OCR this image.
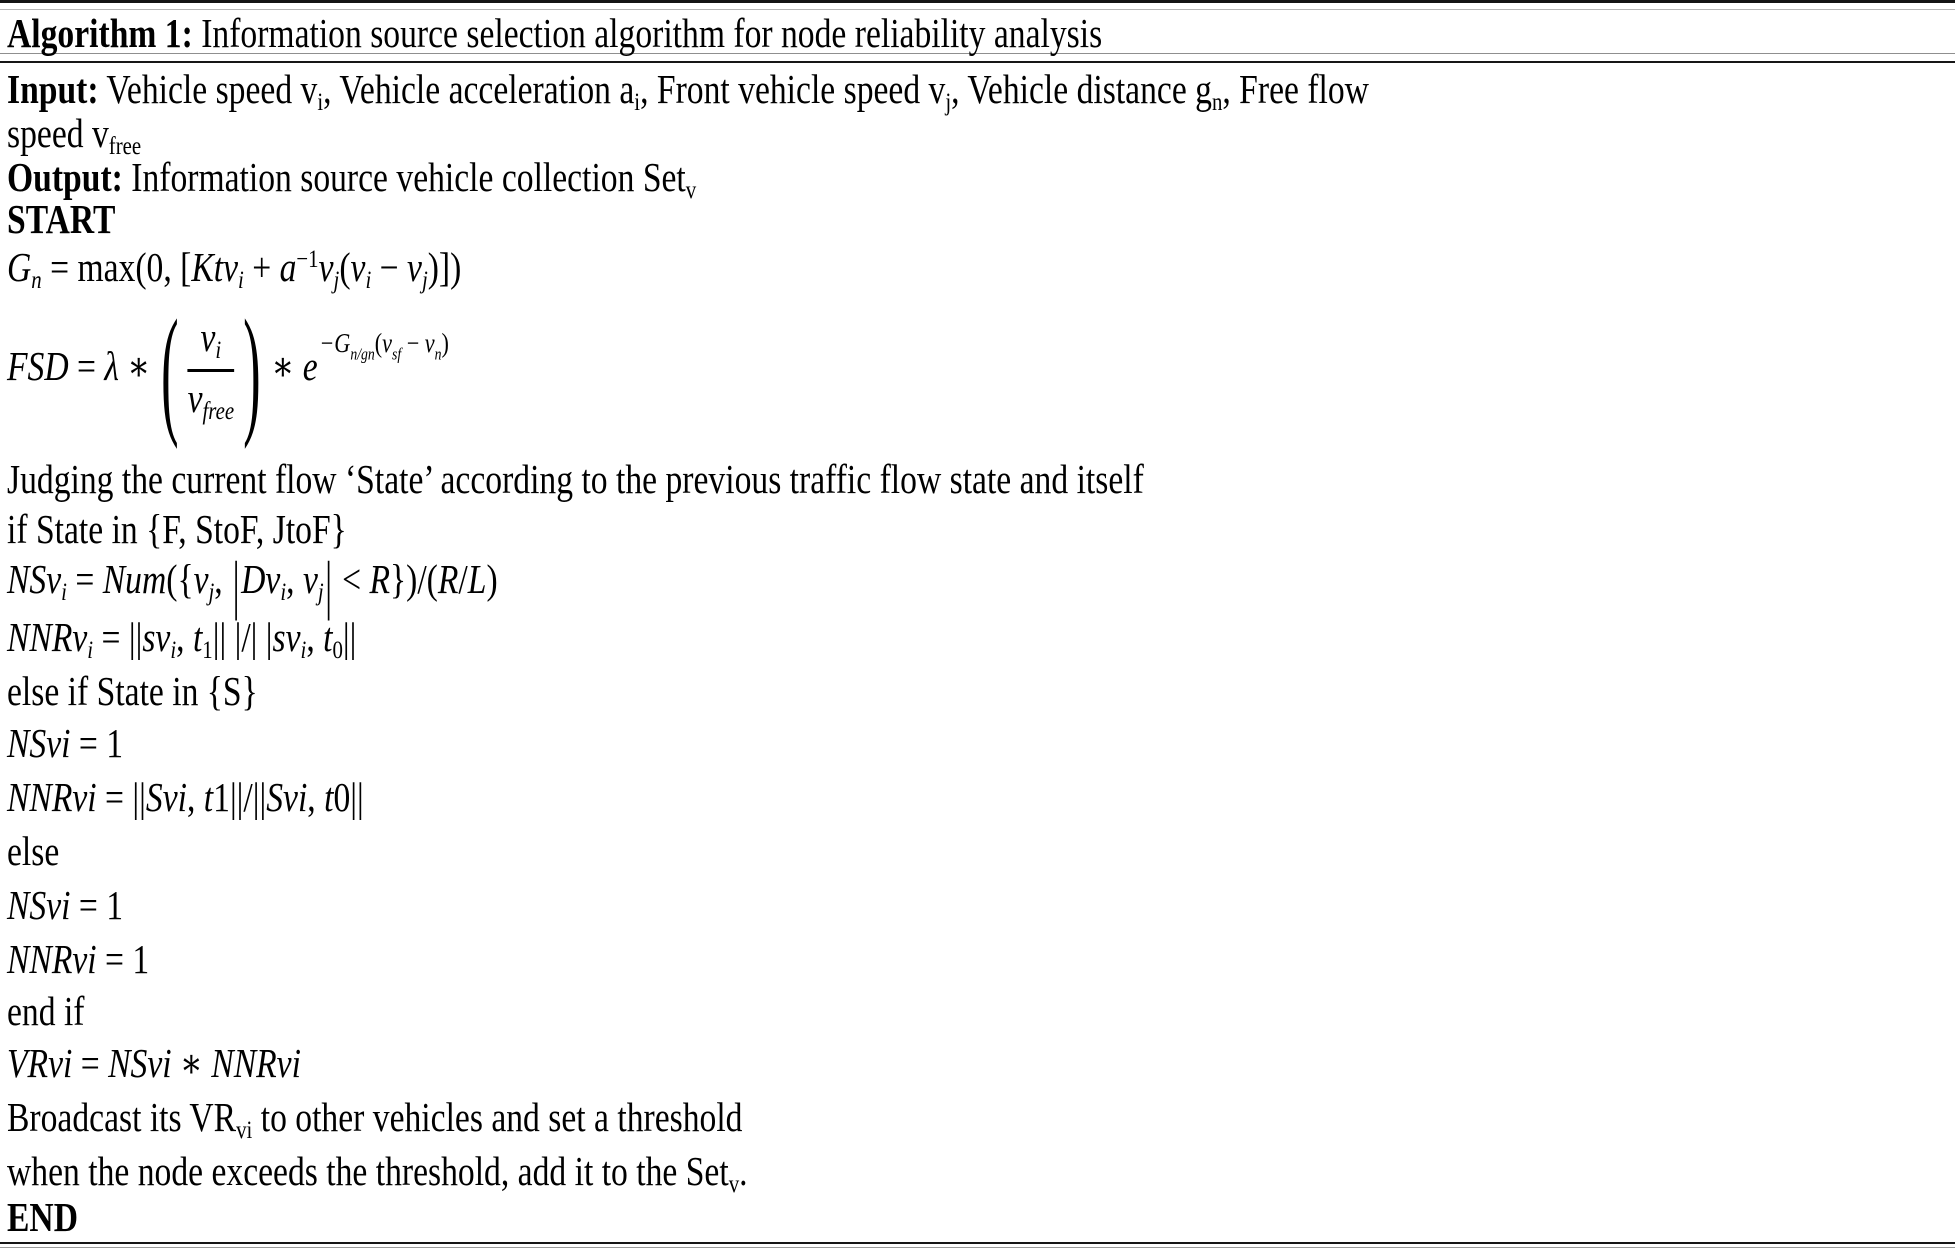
Algorithm 1: Information source selection algorithm for node reliability analysis
Input: Vehicle speed vi, Vehicle acceleration ai, Front vehicle speed vj, Vehicle distance gn, Free flow
speed vfree
Output: Information source vehicle collection Setv
START
Gn = max(0, [Ktvi + $a^{-1}vj(vi - vj)$])
FSD = λ ∗ ( $\frac{vi}{\text{vfree}}$ ) ∗ $e-G_{n/gn}(v_{sf} - v_n)$
Judging the current flow ‘State’ according to the previous traffic flow state and itself
if State in {F, StoF, JtoF}
NSvi = Num({vj, |Dvi, vj| < R})/(R/L)
NNRvi = ||svi, t1|| |/| |svi, t0||
else if State in {S}
NSvi = 1
NNRvi = ||Svi, t1||/||Svi, t0||
else
NSvi = 1
NNRvi = 1
end if
VRvi = NSvi ∗ NNRvi
Broadcast its VRvi to other vehicles and set a threshold
when the node exceeds the threshold, add it to the Setv.
END
